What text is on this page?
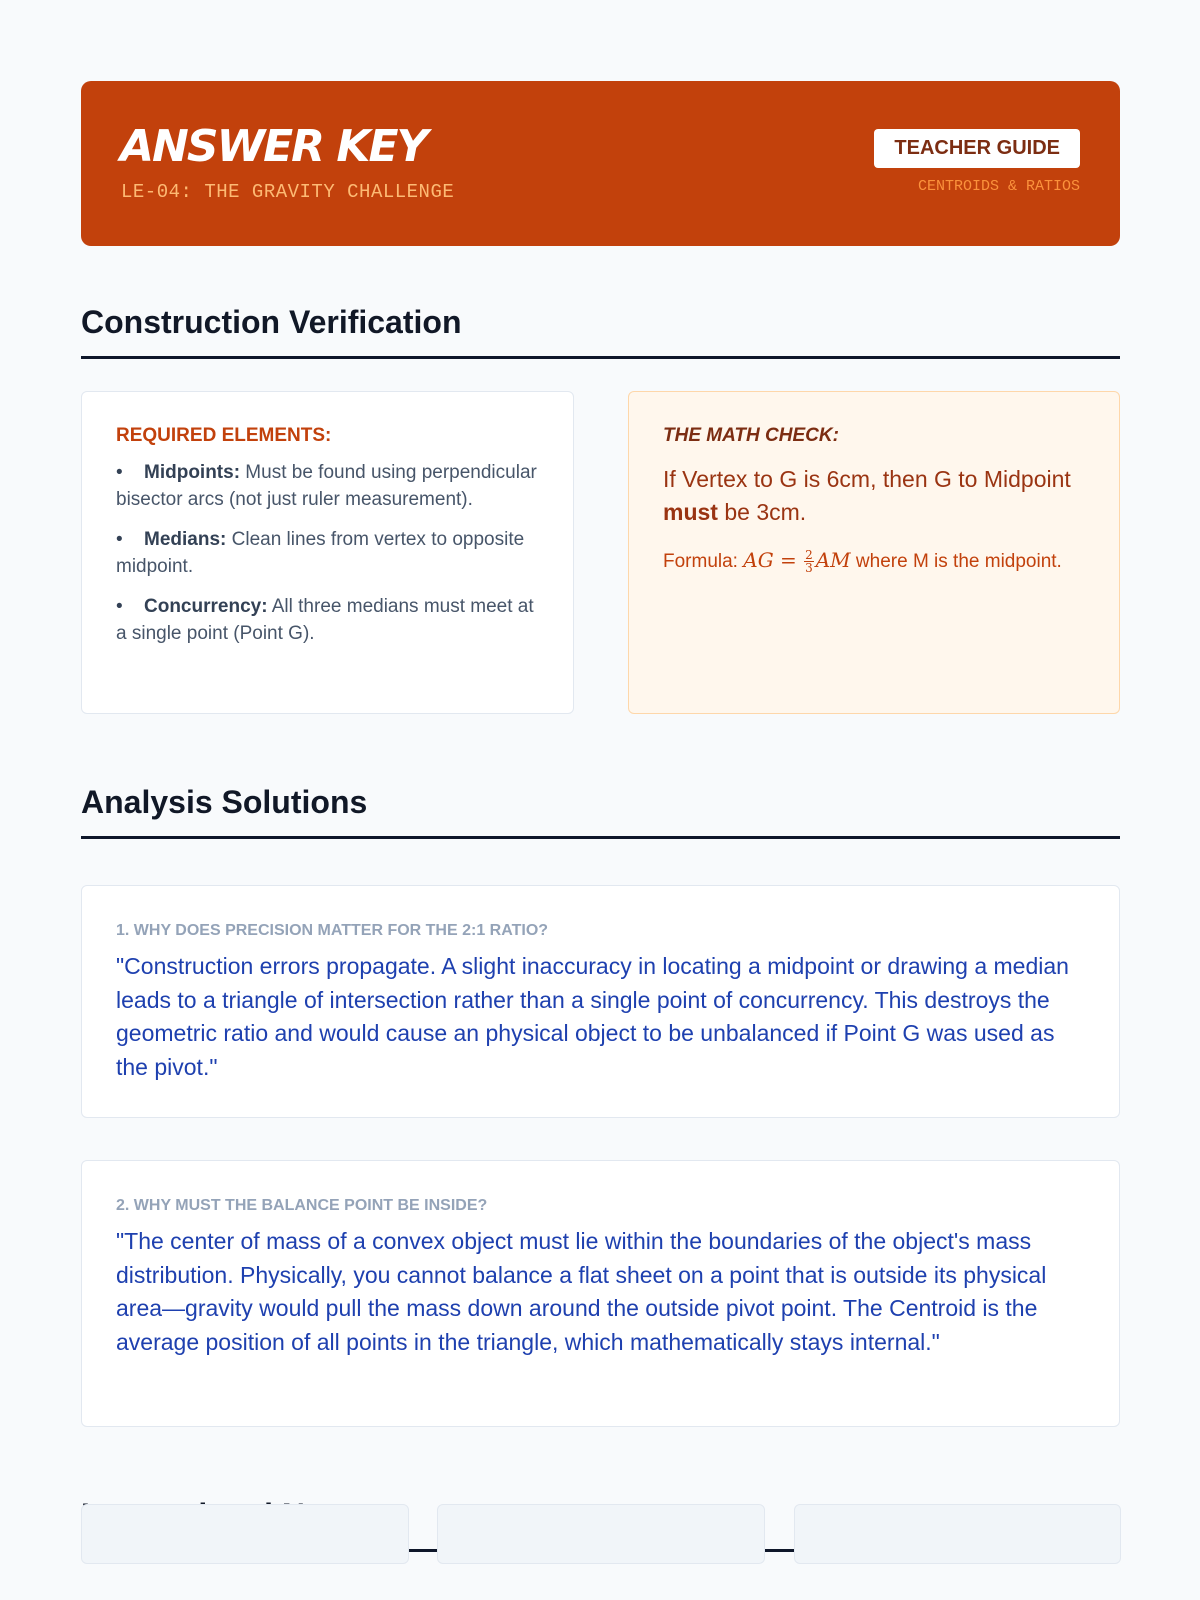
ANSWER KEY
LE-04: THE GRAVITY CHALLENGE
TEACHER GUIDE
CENTROIDS & RATIOS
Construction Verification
REQUIRED ELEMENTS:
• Midpoints: Must be found using perpendicular bisector arcs (not just ruler measurement).
• Medians: Clean lines from vertex to opposite midpoint.
• Concurrency: All three medians must meet at a single point (Point G).
THE MATH CHECK:
If Vertex to G is 6cm, then G to Midpoint must be 3cm.
Formula: AG = $\frac{2}{3}$ AM where M is the midpoint.
Analysis Solutions
1. WHY DOES PRECISION MATTER FOR THE 2:1 RATIO?
"Construction errors propagate. A slight inaccuracy in locating a midpoint or drawing a median leads to a triangle of intersection rather than a single point of concurrency. This destroys the geometric ratio and would cause an physical object to be unbalanced if Point G was used as the pivot."
2. WHY MUST THE BALANCE POINT BE INSIDE?
"The center of mass of a convex object must lie within the boundaries of the object's mass distribution. Physically, you cannot balance a flat sheet on a point that is outside its physical area—gravity would pull the mass down around the outside pivot point. The Centroid is the average position of all points in the triangle, which mathematically stays internal."
